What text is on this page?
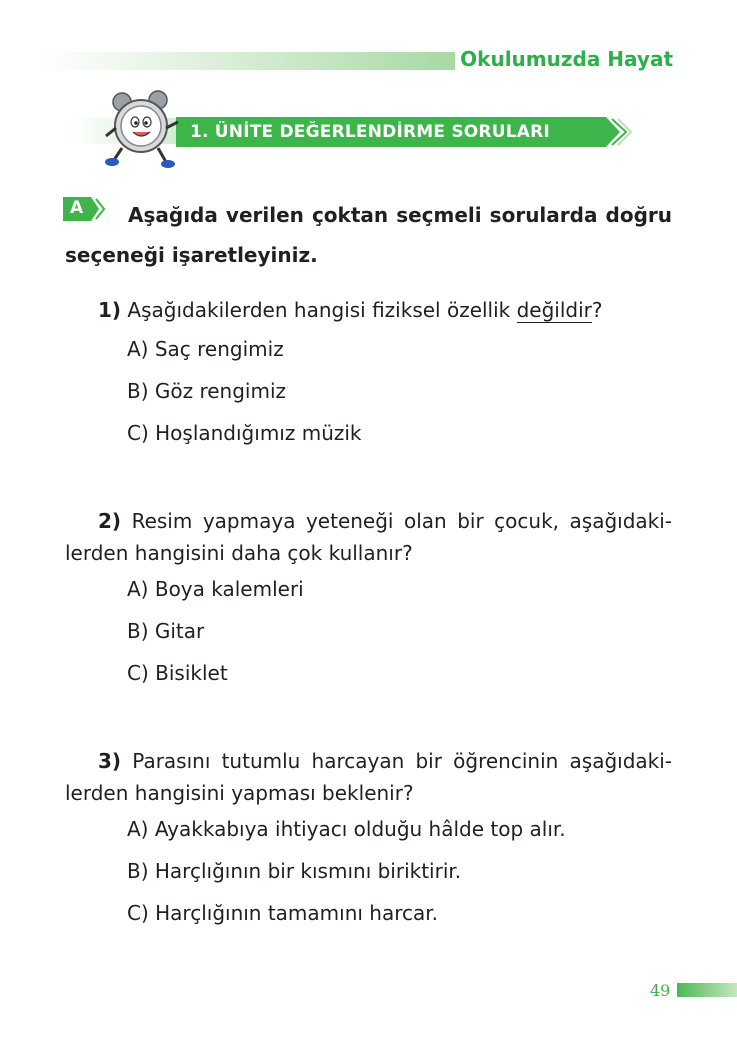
Okulumuzda Hayat
1. ÜNİTE DEĞERLENDİRME SORULARI
A	Aşağıda verilen çoktan seçmeli sorularda doğru seçeneği işaretleyiniz.
1) Aşağıdakilerden hangisi fiziksel özellik değildir?
A) Saç rengimiz
B) Göz rengimiz
C) Hoşlandığımız müzik
2) Resim yapmaya yeteneği olan bir çocuk, aşağıdaki-lerden hangisini daha çok kullanır?
A) Boya kalemleri
B) Gitar
C) Bisiklet
3) Parasını tutumlu harcayan bir öğrencinin aşağıdaki-lerden hangisini yapması beklenir?
A) Ayakkabıya ihtiyacı olduğu hâlde top alır.
B) Harçlığının bir kısmını biriktirir.
C) Harçlığının tamamını harcar.
49
